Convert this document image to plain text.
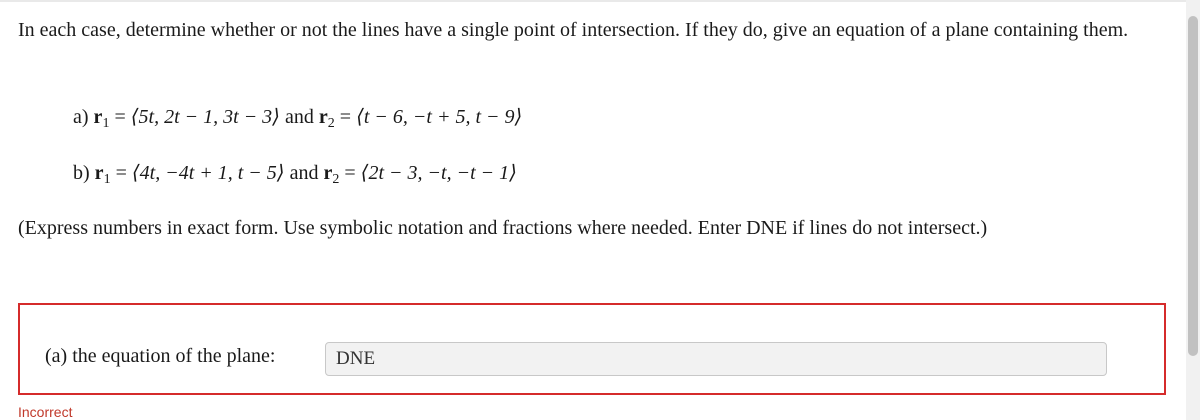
In each case, determine whether or not the lines have a single point of intersection. If they do, give an equation of a plane containing them.
a) $r_1$ = ⟨5t, 2t − 1, 3t − 3⟩ and $r_2$ = ⟨t − 6, −t + 5, t − 9⟩
b) $r_1$ = ⟨4t, −4t + 1, t − 5⟩ and $r_2$ = ⟨2t − 3, −t, −t − 1⟩
(Express numbers in exact form. Use symbolic notation and fractions where needed. Enter DNE if lines do not intersect.)
(a) the equation of the plane:
DNE
Incorrect
